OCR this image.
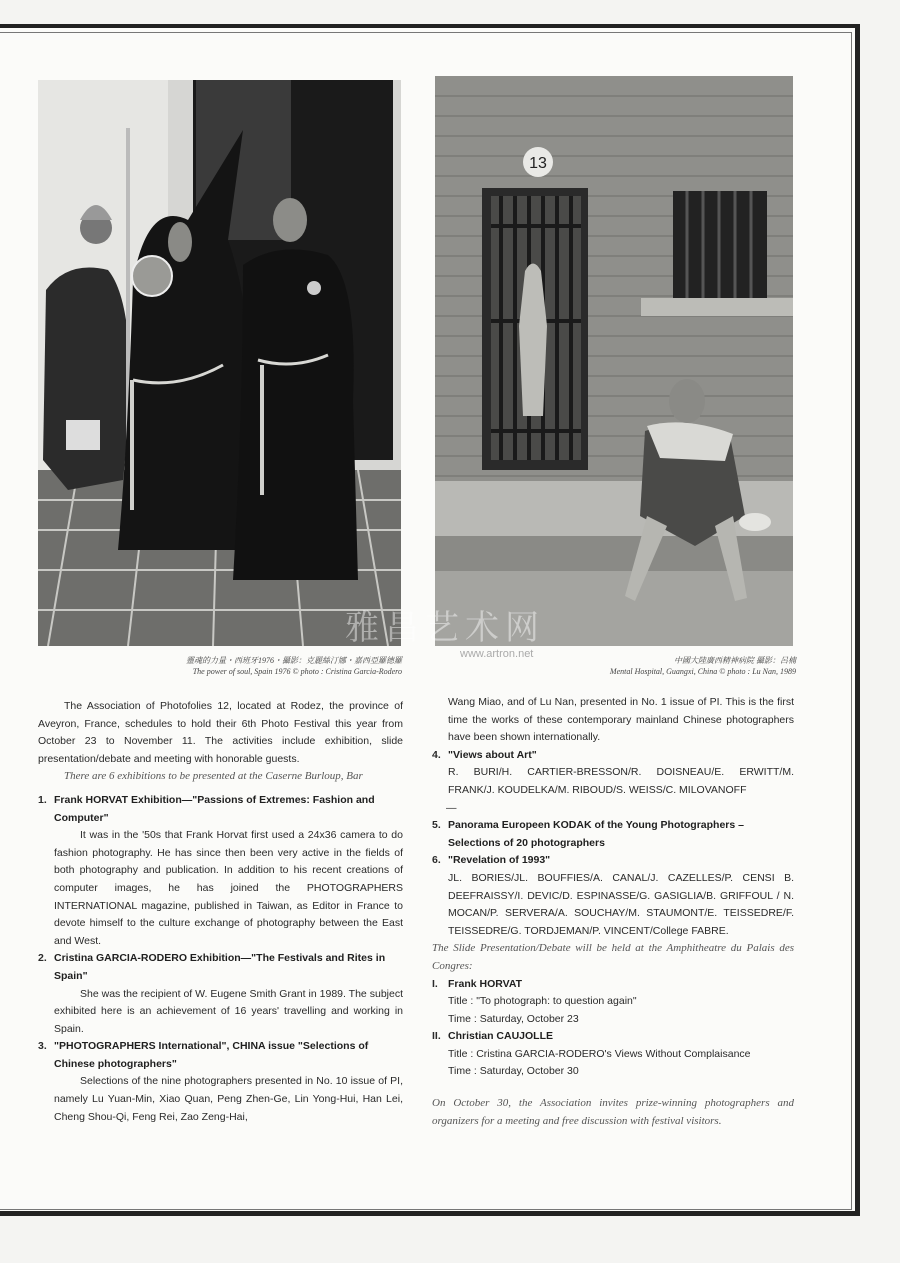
13
雅昌艺术网
靈魂的力量・西班牙1976・攝影：克麗絲汀娜・嘉西亞羅德羅
The power of soul, Spain 1976 © photo : Cristina Garcia-Rodero
www.artron.net
中國大陸廣西精神病院 攝影：呂楠
Mental Hospital, Guangxi, China © photo : Lu Nan, 1989

The Association of Photofolies 12, located at Rodez, the province of Aveyron, France, schedules to hold their 6th Photo Festival this year from October 23 to November 11. The activities include exhibition, slide presentation/debate and meeting with honorable guests.

There are 6 exhibitions to be presented at the Caserne Burloup, Bar

1. Frank HORVAT Exhibition—"Passions of Extremes: Fashion and Computer"

It was in the '50s that Frank Horvat first used a 24x36 camera to do fashion photography. He has since then been very active in the fields of both photography and publication. In addition to his recent creations of computer images, he has joined the PHOTOGRAPHERS INTERNATIONAL magazine, published in Taiwan, as Editor in France to devote himself to the culture exchange of photography between the East and West.

2. Cristina GARCIA-RODERO Exhibition—"The Festivals and Rites in Spain"

She was the recipient of W. Eugene Smith Grant in 1989. The subject exhibited here is an achievement of 16 years' travelling and working in Spain.

3. "PHOTOGRAPHERS International", CHINA issue "Selections of Chinese photographers"

Selections of the nine photographers presented in No. 10 issue of PI, namely Lu Yuan-Min, Xiao Quan, Peng Zhen-Ge, Lin Yong-Hui, Han Lei, Cheng Shou-Qi, Feng Rei, Zao Zeng-Hai,

Wang Miao, and of Lu Nan, presented in No. 1 issue of PI. This is the first time the works of these contemporary mainland Chinese photographers have been shown internationally.

4. "Views about Art"

R. BURI/H. CARTIER-BRESSON/R. DOISNEAU/E. ERWITT/M. FRANK/J. KOUDELKA/M. RIBOUD/S. WEISS/C. MILOVANOFF

—

5. Panorama Europeen KODAK of the Young Photographers – Selections of 20 photographers
6. "Revelation of 1993"

JL. BORIES/JL. BOUFFIES/A. CANAL/J. CAZELLES/P. CENSI B. DEEFRAISSY/I. DEVIC/D. ESPINASSE/G. GASIGLIA/B. GRIFFOUL / N. MOCAN/P. SERVERA/A. SOUCHAY/M. STAUMONT/E. TEISSEDRE/F. TEISSEDRE/G. TORDJEMAN/P. VINCENT/College FABRE.

The Slide Presentation/Debate will be held at the Amphitheatre du Palais des Congres:

I. Frank HORVAT

Title : "To photograph: to question again"

Time : Saturday, October 23

II. Christian CAUJOLLE

Title : Cristina GARCIA-RODERO's Views Without Complaisance

Time : Saturday, October 30

On October 30, the Association invites prize-winning photographers and organizers for a meeting and free discussion with festival visitors.
